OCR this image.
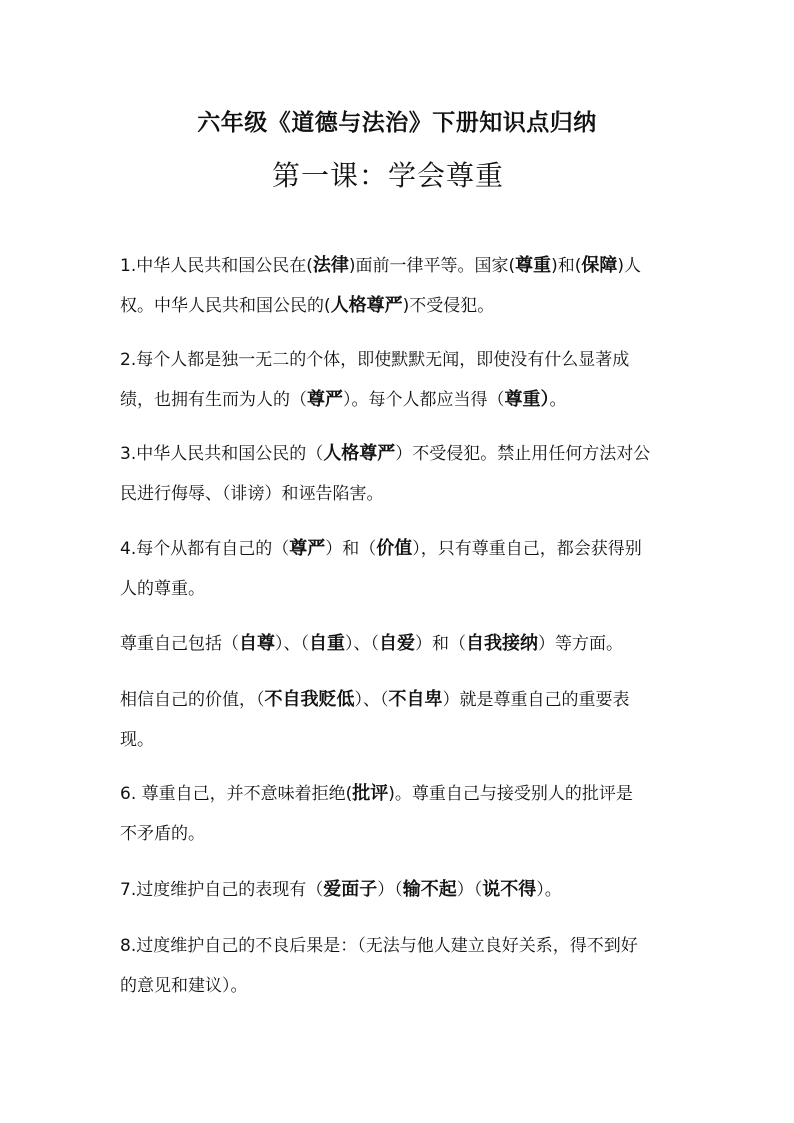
六年级《道德与法治》下册知识点归纳
第一课：学会尊重

1.中华人民共和国公民在(法律)面前一律平等。国家(尊重)和(保障)人
权。中华人民共和国公民的(人格尊严)不受侵犯。

2.每个人都是独一无二的个体，即使默默无闻，即使没有什么显著成
绩，也拥有生而为人的（尊严）。每个人都应当得（尊重）。

3.中华人民共和国公民的（人格尊严）不受侵犯。禁止用任何方法对公
民进行侮辱、（诽谤）和诬告陷害。

4.每个从都有自己的（尊严）和（价值），只有尊重自己，都会获得别
人的尊重。

尊重自己包括（自尊）、（自重）、（自爱）和（自我接纳）等方面。

相信自己的价值，（不自我贬低）、（不自卑）就是尊重自己的重要表
现。

6. 尊重自己，并不意味着拒绝(批评)。尊重自己与接受别人的批评是
不矛盾的。

7.过度维护自己的表现有（爱面子）（输不起）（说不得）。

8.过度维护自己的不良后果是：（无法与他人建立良好关系，得不到好
的意见和建议）。
